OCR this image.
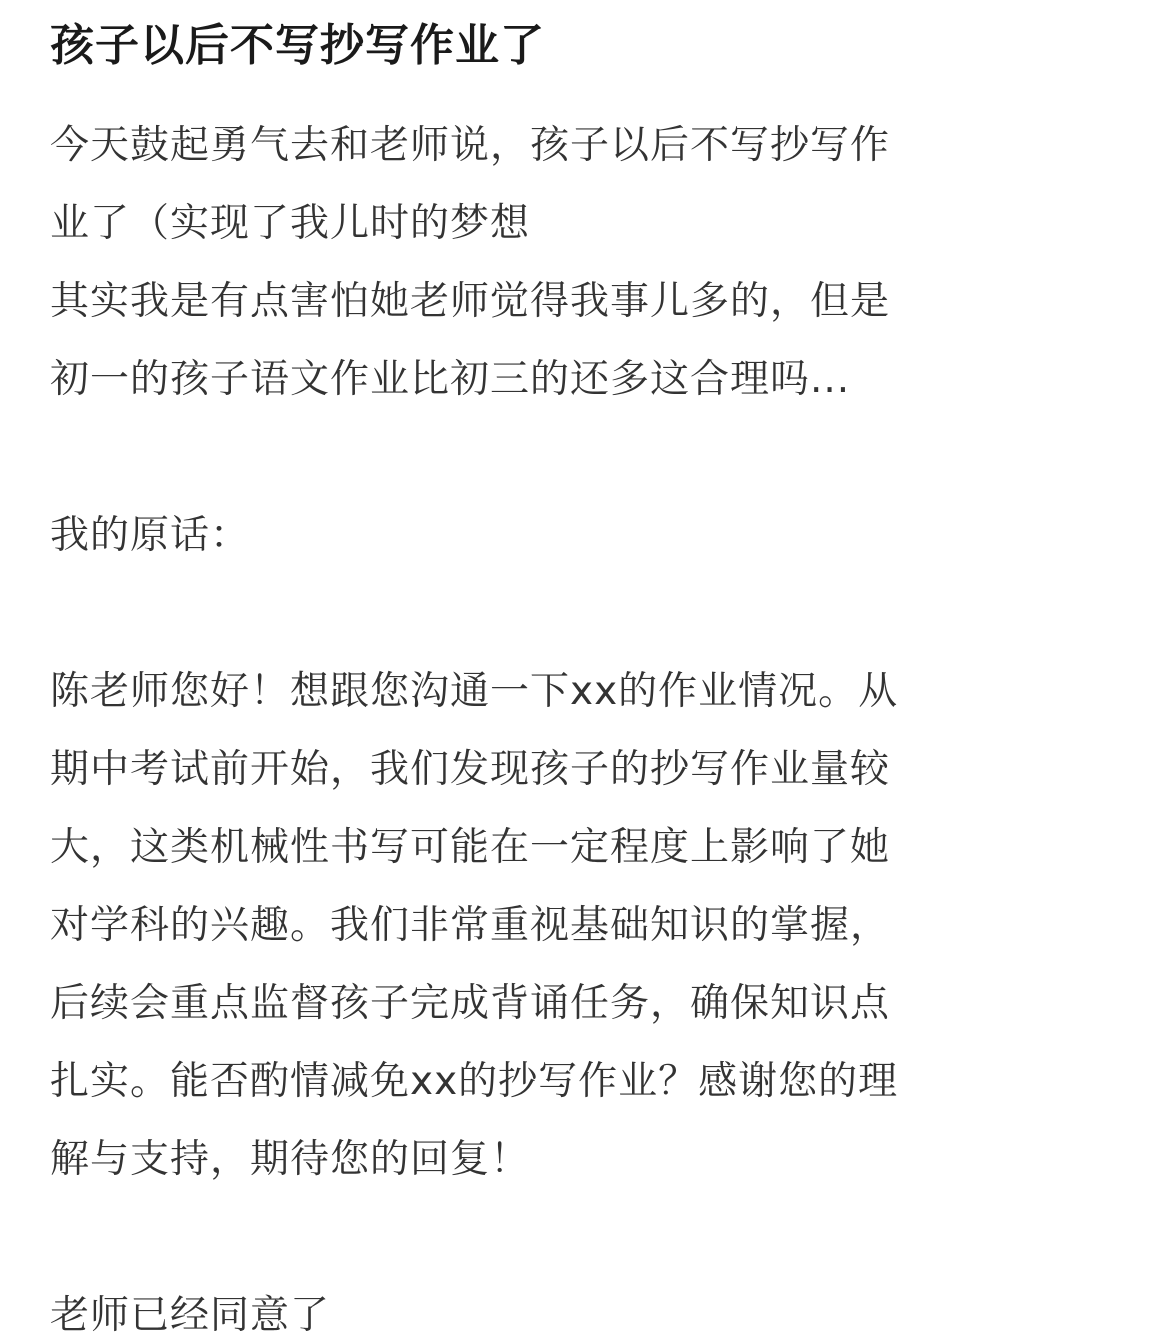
孩子以后不写抄写作业了
今天鼓起勇气去和老师说，孩子以后不写抄写作
业了（实现了我儿时的梦想
其实我是有点害怕她老师觉得我事儿多的，但是
初一的孩子语文作业比初三的还多这合理吗...
我的原话：
陈老师您好！想跟您沟通一下xx的作业情况。从
期中考试前开始，我们发现孩子的抄写作业量较
大，这类机械性书写可能在一定程度上影响了她
对学科的兴趣。我们非常重视基础知识的掌握，
后续会重点监督孩子完成背诵任务，确保知识点
扎实。能否酌情减免xx的抄写作业？感谢您的理
解与支持，期待您的回复！
老师已经同意了
